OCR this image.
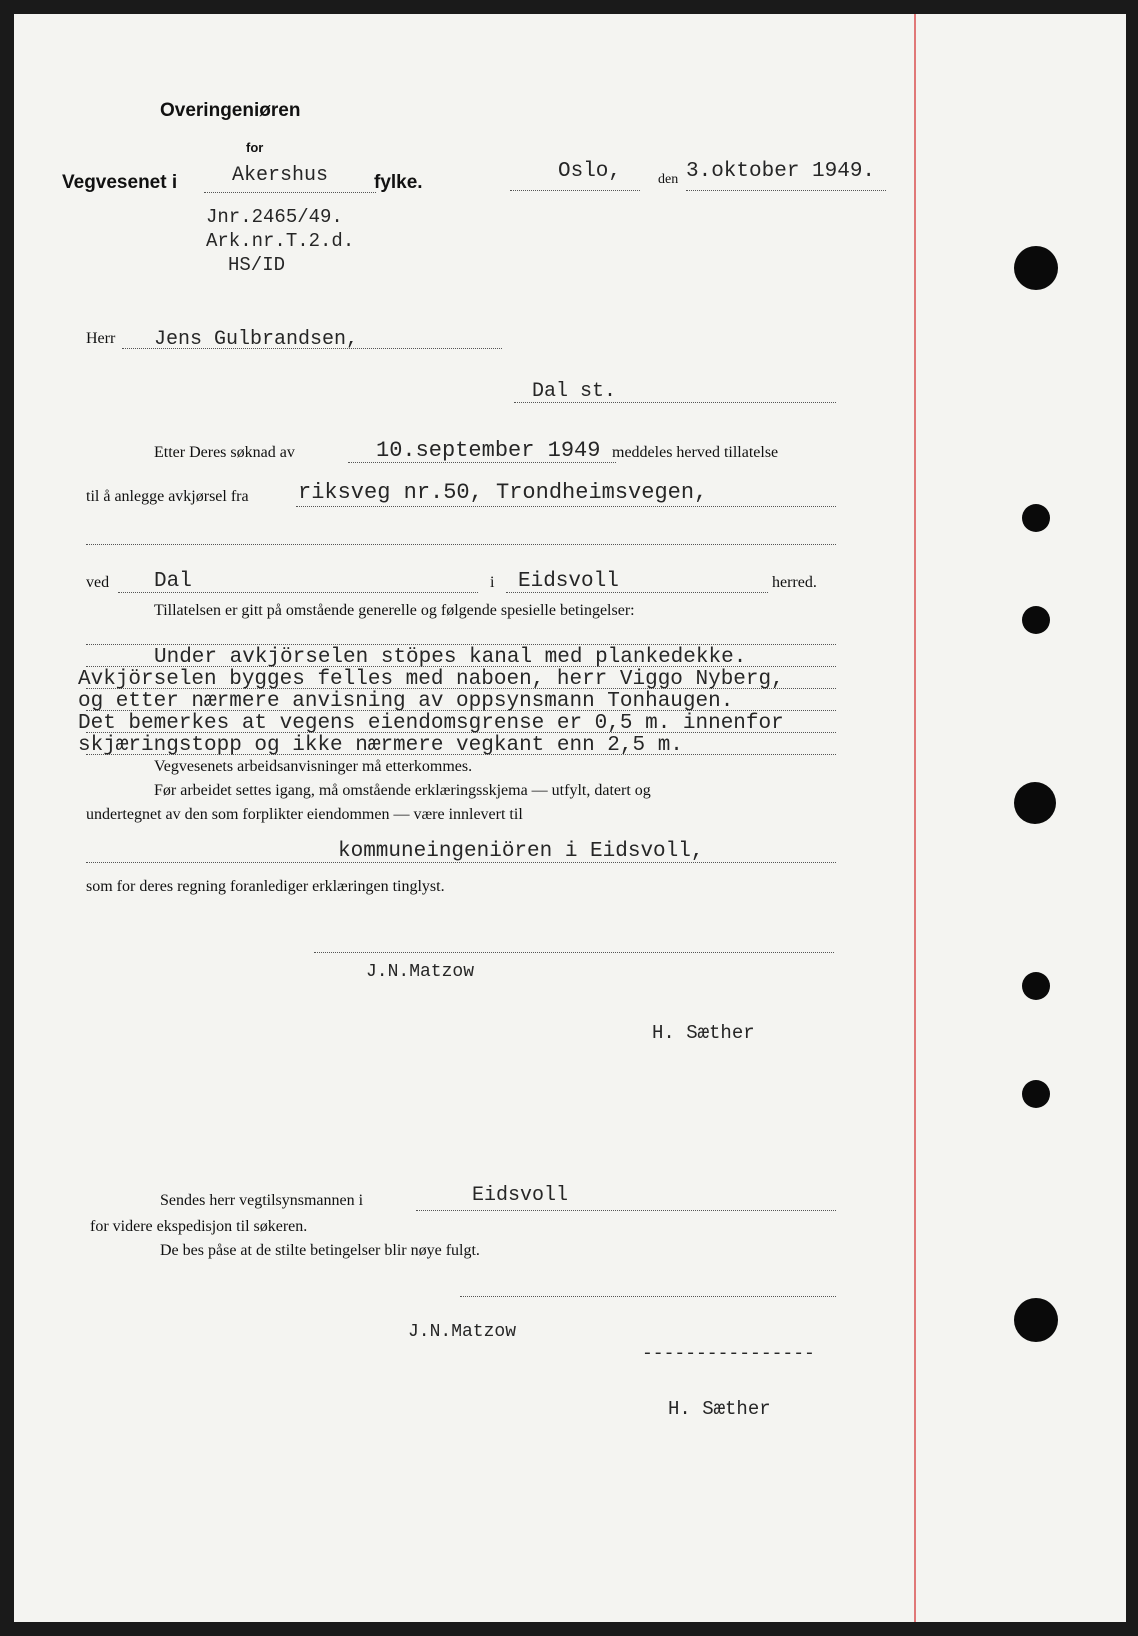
Overingeniøren
for
Vegvesenet i	Akershus fylke.	Oslo,	den 3.oktober 1949.
Jnr.2465/49.
Ark.nr.T.2.d.
HS/ID
Herr Jens Gulbrandsen,
Dal st.
Etter Deres søknad av	10.september 1949 meddeles herved tillatelse
til å anlegge avkjørsel fra riksveg nr.50, Trondheimsvegen,
ved Dal	i Eidsvoll	herred.
Tillatelsen er gitt på omstående generelle og følgende spesielle betingelser:
Under avkjörselen stöpes kanal med plankedekke.
Avkjörselen bygges felles med naboen, herr Viggo Nyberg,
og etter nærmere anvisning av oppsynsmann Tonhaugen.
Det bemerkes at vegens eiendomsgrense er 0,5 m. innenfor
skjæringstopp og ikke nærmere vegkant enn 2,5 m.
Vegvesenets arbeidsanvisninger må etterkommes.
Før arbeidet settes igang, må omstående erklæringsskjema — utfylt, datert og
undertegnet av den som forplikter eiendommen — være innlevert til
kommuneingeniören i Eidsvoll,
som for deres regning foranlediger erklæringen tinglyst.
J.N.Matzow
H. Sæther
Sendes herr vegtilsynsmannen i	Eidsvoll
for videre ekspedisjon til søkeren.
De bes påse at de stilte betingelser blir nøye fulgt.
J.N.Matzow
----------------
H. Sæther
